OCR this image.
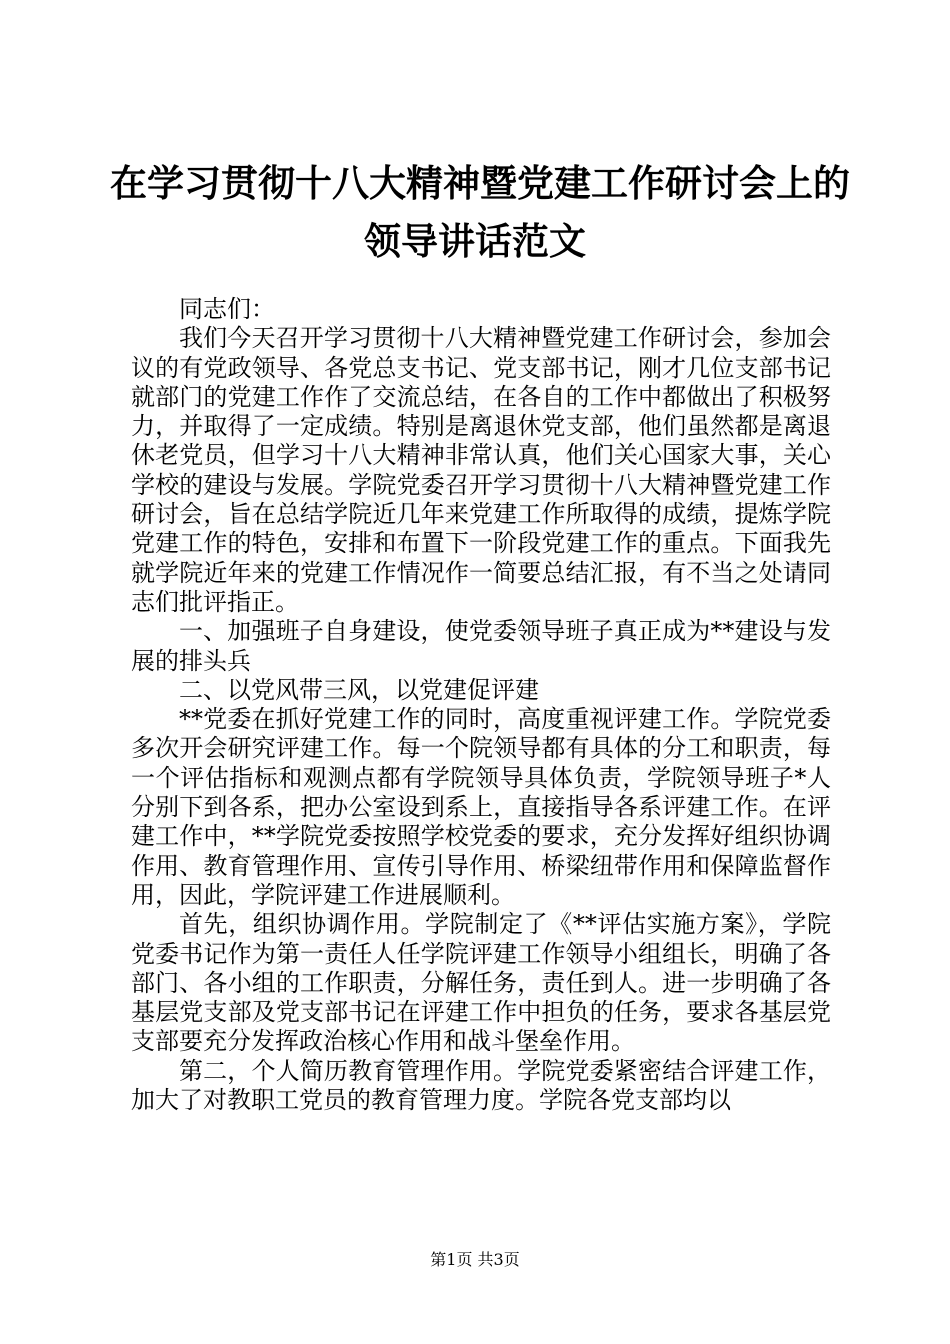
在学习贯彻十八大精神暨党建工作研讨会上的
领导讲话范文

同志们：

我们今天召开学习贯彻十八大精神暨党建工作研讨会，参加会议的有党政领导、各党总支书记、党支部书记，刚才几位支部书记就部门的党建工作作了交流总结，在各自的工作中都做出了积极努力，并取得了一定成绩。特别是离退休党支部，他们虽然都是离退休老党员，但学习十八大精神非常认真，他们关心国家大事，关心学校的建设与发展。学院党委召开学习贯彻十八大精神暨党建工作研讨会，旨在总结学院近几年来党建工作所取得的成绩，提炼学院党建工作的特色，安排和布置下一阶段党建工作的重点。下面我先就学院近年来的党建工作情况作一简要总结汇报，有不当之处请同志们批评指正。

一、加强班子自身建设，使党委领导班子真正成为**建设与发展的排头兵

二、以党风带三风，以党建促评建

**党委在抓好党建工作的同时，高度重视评建工作。学院党委多次开会研究评建工作。每一个院领导都有具体的分工和职责，每一个评估指标和观测点都有学院领导具体负责，学院领导班子*人分别下到各系，把办公室设到系上，直接指导各系评建工作。在评建工作中，**学院党委按照学校党委的要求，充分发挥好组织协调作用、教育管理作用、宣传引导作用、桥梁纽带作用和保障监督作用，因此，学院评建工作进展顺利。

首先，组织协调作用。学院制定了《**评估实施方案》，学院党委书记作为第一责任人任学院评建工作领导小组组长，明确了各部门、各小组的工作职责，分解任务，责任到人。进一步明确了各基层党支部及党支部书记在评建工作中担负的任务，要求各基层党支部要充分发挥政治核心作用和战斗堡垒作用。

第二，个人简历教育管理作用。学院党委紧密结合评建工作，加大了对教职工党员的教育管理力度。学院各党支部均以

第1页 共3页
